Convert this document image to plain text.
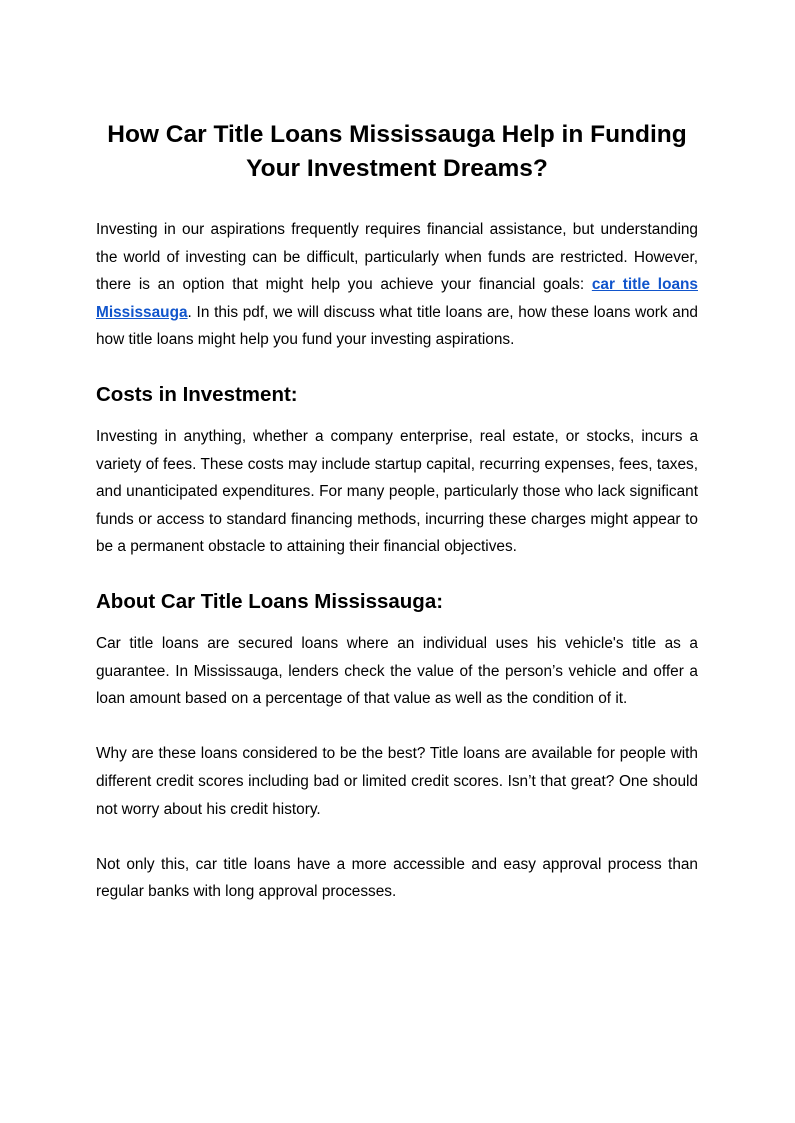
How Car Title Loans Mississauga Help in Funding Your Investment Dreams?

Investing in our aspirations frequently requires financial assistance, but understanding the world of investing can be difficult, particularly when funds are restricted. However, there is an option that might help you achieve your financial goals: car title loans Mississauga. In this pdf, we will discuss what title loans are, how these loans work and how title loans might help you fund your investing aspirations.

Costs in Investment:

Investing in anything, whether a company enterprise, real estate, or stocks, incurs a variety of fees. These costs may include startup capital, recurring expenses, fees, taxes, and unanticipated expenditures. For many people, particularly those who lack significant funds or access to standard financing methods, incurring these charges might appear to be a permanent obstacle to attaining their financial objectives.

About Car Title Loans Mississauga:

Car title loans are secured loans where an individual uses his vehicle's title as a guarantee. In Mississauga, lenders check the value of the person’s vehicle and offer a loan amount based on a percentage of that value as well as the condition of it.

Why are these loans considered to be the best? Title loans are available for people with different credit scores including bad or limited credit scores. Isn’t that great? One should not worry about his credit history.

Not only this, car title loans have a more accessible and easy approval process than regular banks with long approval processes.
